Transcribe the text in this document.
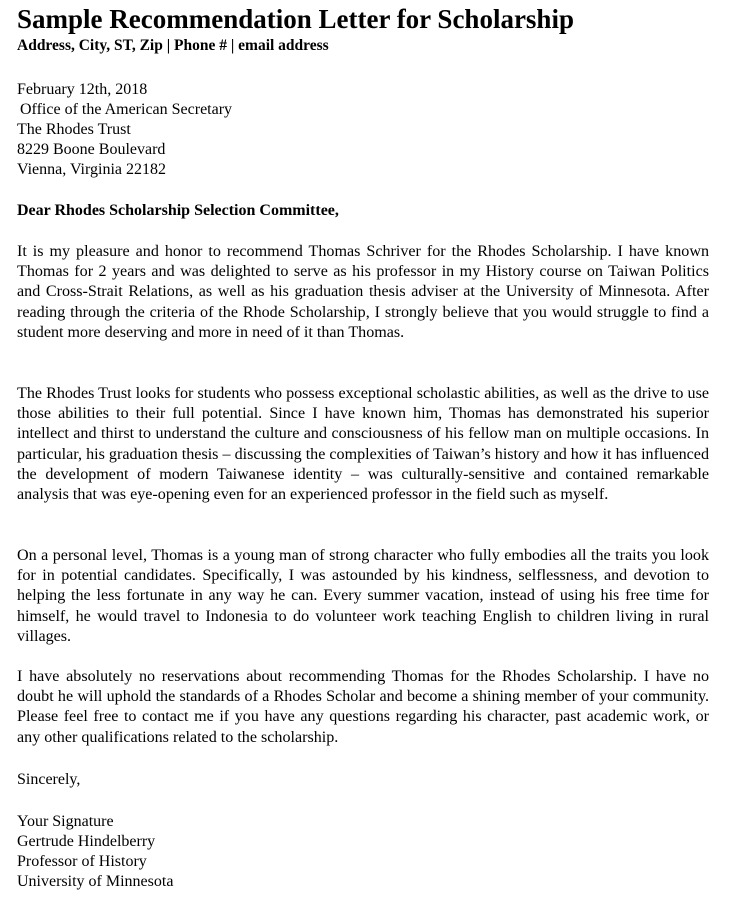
Sample Recommendation Letter for Scholarship
Address, City, ST, Zip | Phone # | email address
February 12th, 2018
Office of the American Secretary
The Rhodes Trust
8229 Boone Boulevard
Vienna, Virginia 22182
Dear Rhodes Scholarship Selection Committee,

It is my pleasure and honor to recommend Thomas Schriver for the Rhodes Scholarship. I have known Thomas for 2 years and was delighted to serve as his professor in my History course on Taiwan Politics and Cross-Strait Relations, as well as his graduation thesis adviser at the University of Minnesota. After reading through the criteria of the Rhode Scholarship, I strongly believe that you would struggle to find a student more deserving and more in need of it than Thomas.

The Rhodes Trust looks for students who possess exceptional scholastic abilities, as well as the drive to use those abilities to their full potential. Since I have known him, Thomas has demonstrated his superior intellect and thirst to understand the culture and consciousness of his fellow man on multiple occasions. In particular, his graduation thesis – discussing the complexities of Taiwan’s history and how it has influenced the development of modern Taiwanese identity – was culturally-sensitive and contained remarkable analysis that was eye-opening even for an experienced professor in the field such as myself.

On a personal level, Thomas is a young man of strong character who fully embodies all the traits you look for in potential candidates. Specifically, I was astounded by his kindness, selflessness, and devotion to helping the less fortunate in any way he can. Every summer vacation, instead of using his free time for himself, he would travel to Indonesia to do volunteer work teaching English to children living in rural villages.

I have absolutely no reservations about recommending Thomas for the Rhodes Scholarship. I have no doubt he will uphold the standards of a Rhodes Scholar and become a shining member of your community. Please feel free to contact me if you have any questions regarding his character, past academic work, or any other qualifications related to the scholarship.

Sincerely,
Your Signature
Gertrude Hindelberry
Professor of History
University of Minnesota
